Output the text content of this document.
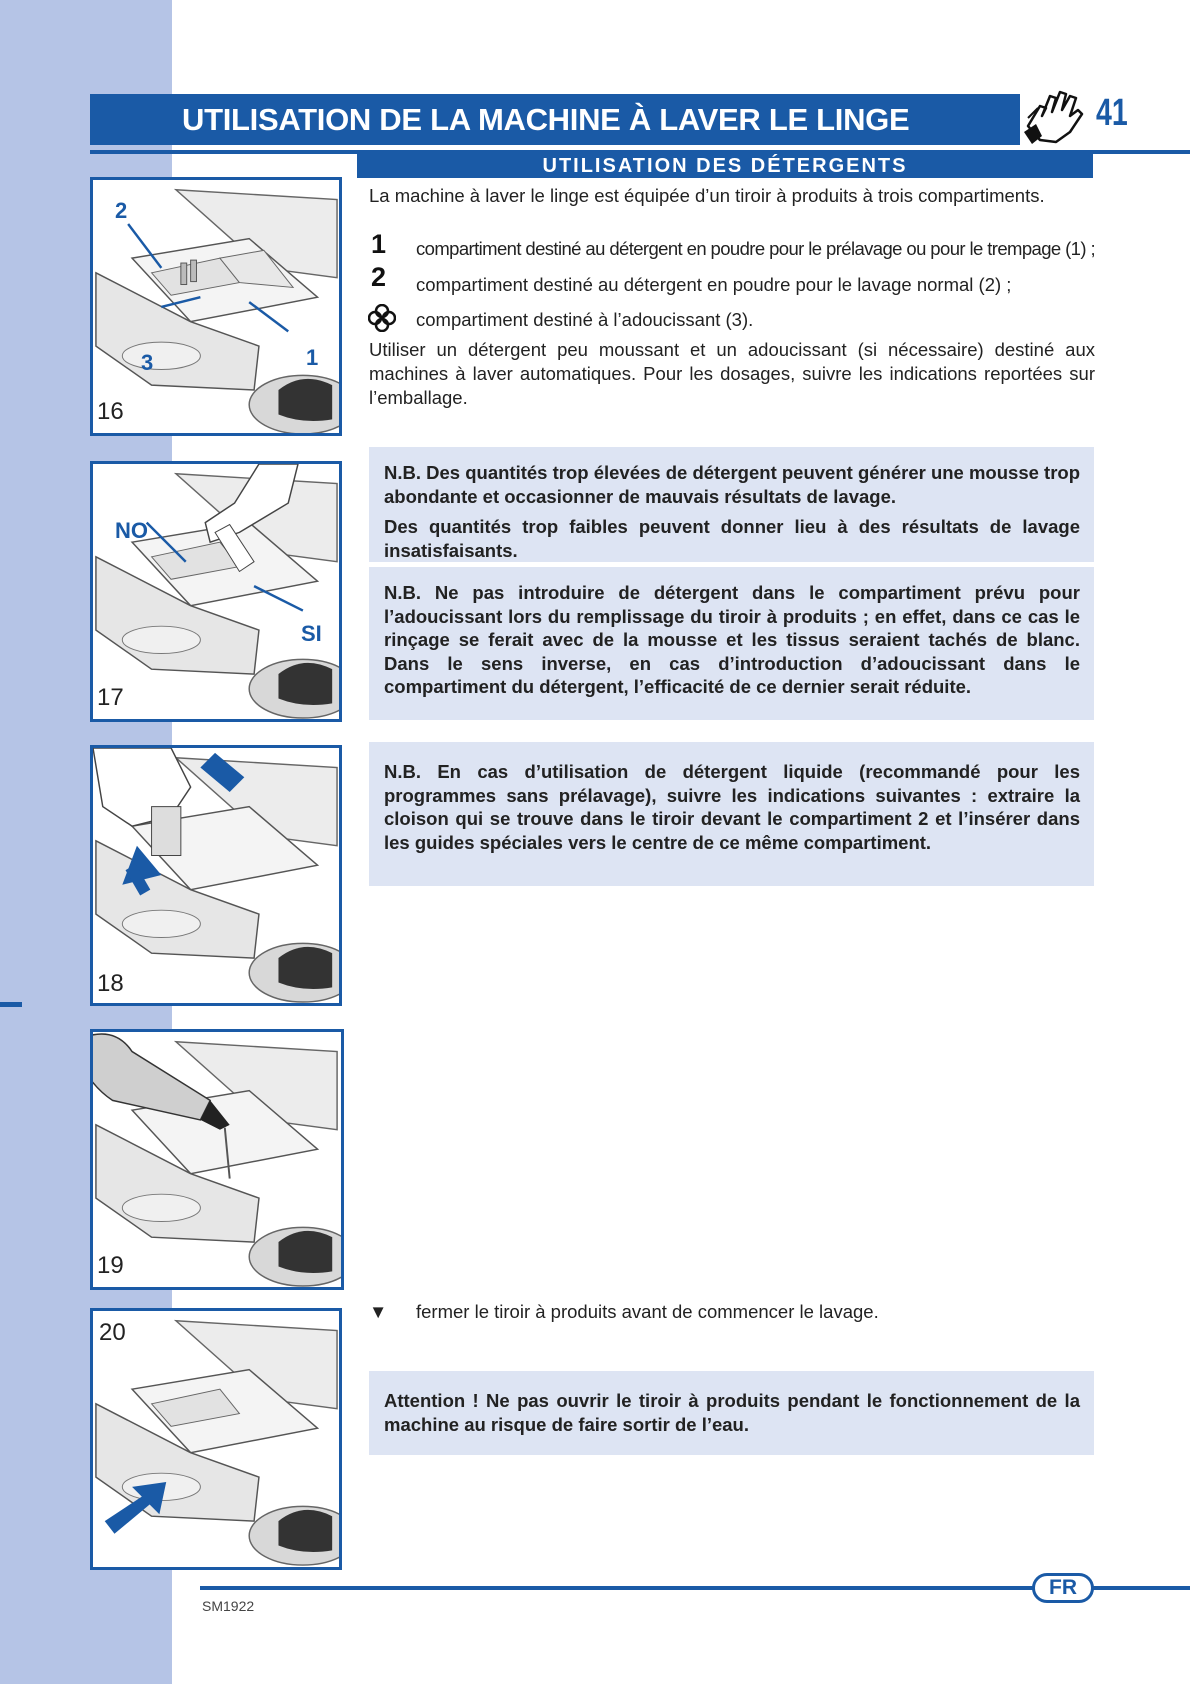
UTILISATION DE LA MACHINE À LAVER LE LINGE	41
UTILISATION DES DÉTERGENTS
2
3	1
16
NO
SI
17
18
19
20
La machine à laver le linge est équipée d’un tiroir à produits à trois compartiments.
1 compartiment destiné au détergent en poudre pour le prélavage ou pour le trempage (1) ;
2 compartiment destiné au détergent en poudre pour le lavage normal (2) ;
compartiment destiné à l’adoucissant (3).
Utiliser un détergent peu moussant et un adoucissant (si nécessaire) destiné aux machines à laver automatiques. Pour les dosages, suivre les indications reportées sur l’emballage.

N.B. Des quantités trop élevées de détergent peuvent générer une mousse trop abondante et occasionner de mauvais résultats de lavage.

Des quantités trop faibles peuvent donner lieu à des résultats de lavage insatisfaisants.

N.B. Ne pas introduire de détergent dans le compartiment prévu pour l’adoucissant lors du remplissage du tiroir à produits ; en effet, dans ce cas le rinçage se ferait avec de la mousse et les tissus seraient tachés de blanc. Dans le sens inverse, en cas d’introduction d’adoucissant dans le compartiment du détergent, l’efficacité de ce dernier serait réduite.

N.B. En cas d’utilisation de détergent liquide (recommandé pour les programmes sans prélavage), suivre les indications suivantes : extraire la cloison qui se trouve dans le tiroir devant le compartiment 2 et l’insérer dans les guides spéciales vers le centre de ce même compartiment.

▼ fermer le tiroir à produits avant de commencer le lavage.

Attention ! Ne pas ouvrir le tiroir à produits pendant le fonctionnement de la machine au risque de faire sortir de l’eau.

FR
SM1922
